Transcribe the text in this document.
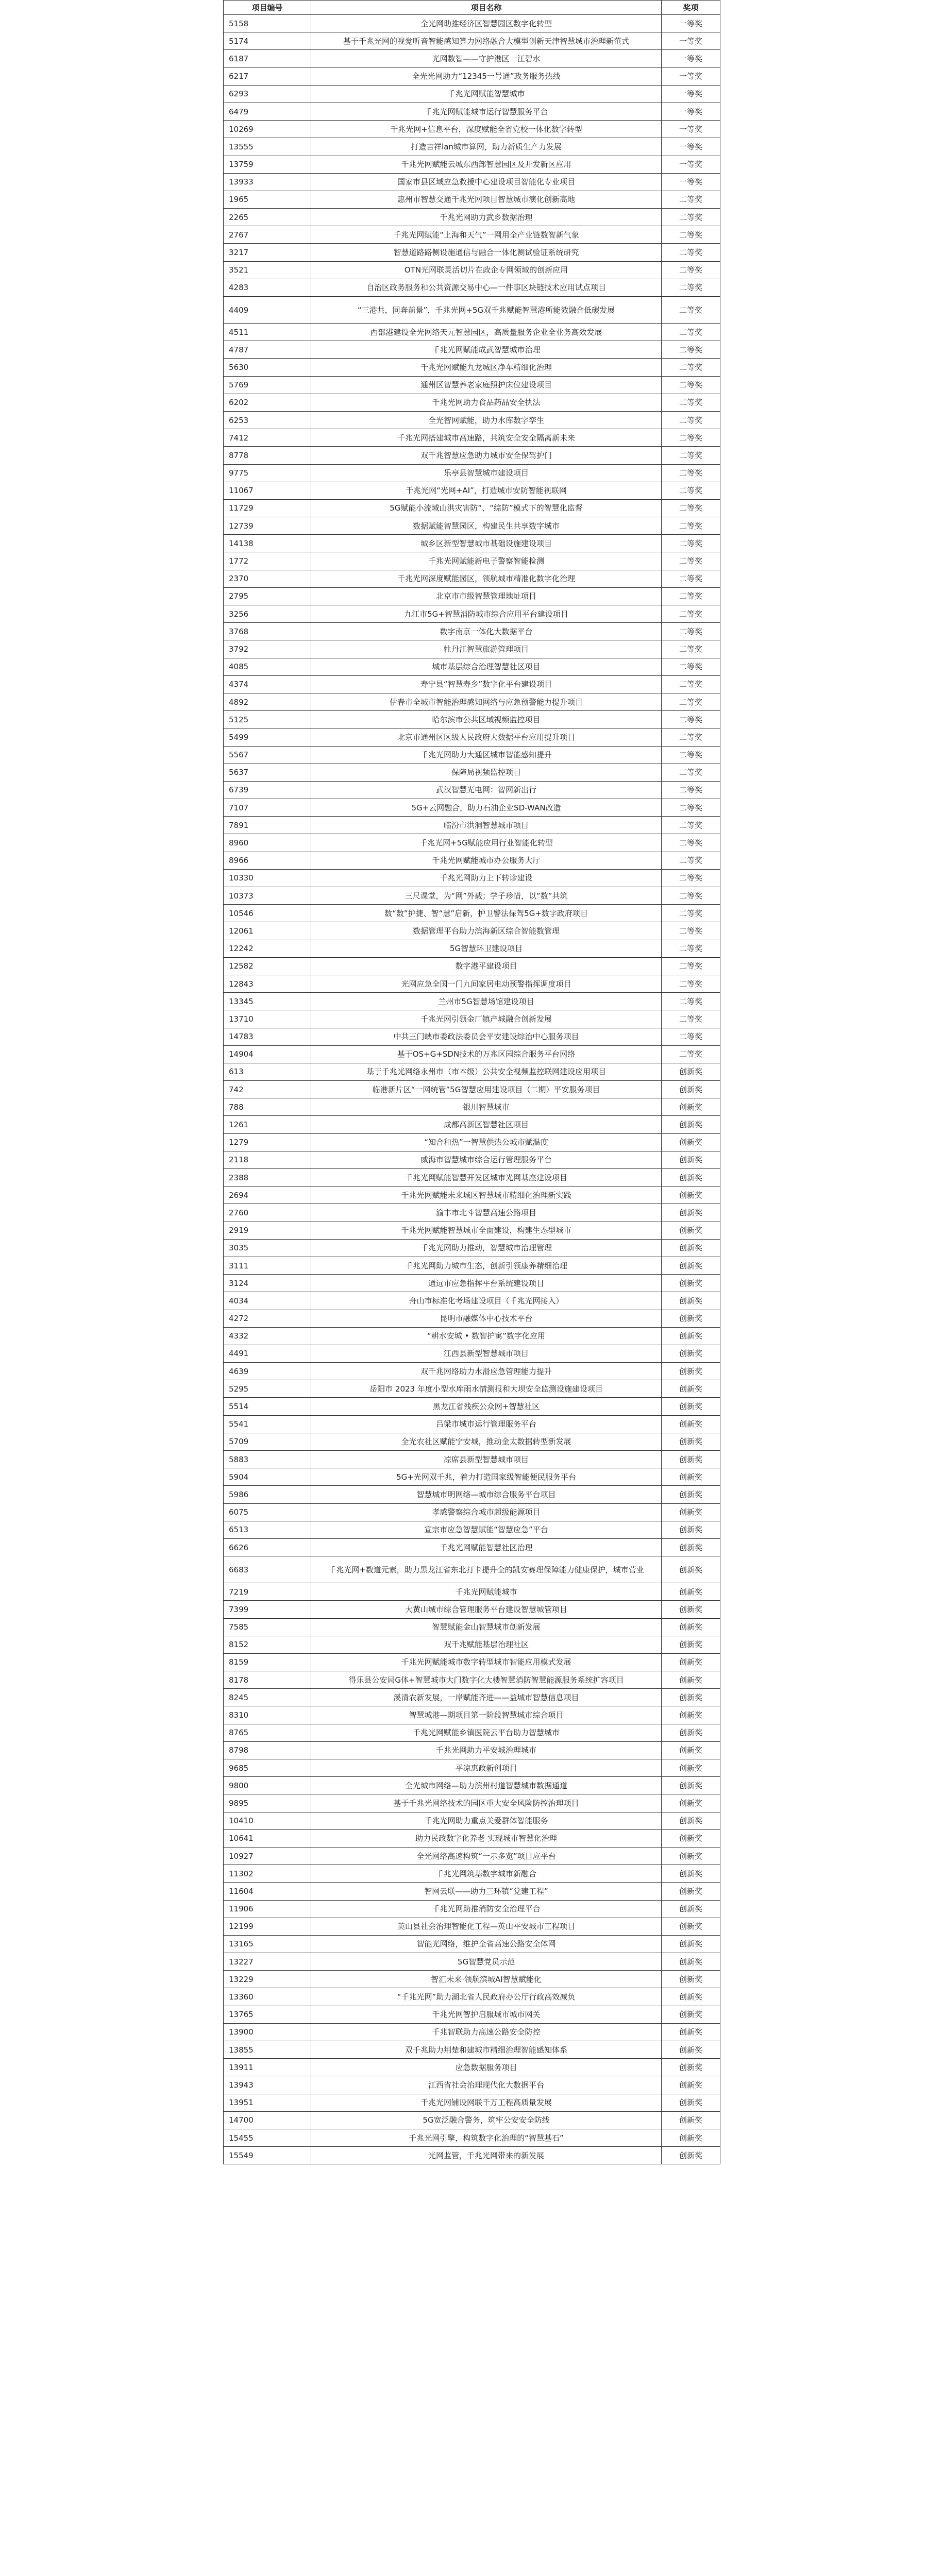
项目编号	项目名称	奖项
5158	全光网助推经济区智慧园区数字化转型	一等奖
5174	基于千兆光网的视觉听音智能感知算力网络融合大模型创新天津智慧城市治理新范式	一等奖
6187	光网数智——守护港区一江碧水	一等奖
6217	全光光网助力“12345一号通”政务服务热线	一等奖
6293	千兆光网赋能智慧城市	一等奖
6479	千兆光网赋能城市运行智慧服务平台	一等奖
10269	千兆光网+信息平台，深度赋能全省党校一体化数字转型	一等奖
13555	打造吉祥lan城市算网，助力新质生产力发展	一等奖
13759	千兆光网赋能云城东西部智慧园区及开发新区应用	一等奖
13933	国家市县区域应急救援中心建设项目智能化专业项目	一等奖
1965	惠州市智慧交通千兆光网项目智慧城市演化创新高地	二等奖
2265	千兆光网助力武乡数据治理	二等奖
2767	千兆光网赋能“上海和天气”一网用全产业链数智新气象	二等奖
3217	智慧道路路侧设施通信与融合一体化测试验证系统研究	二等奖
3521	OTN光网联灵活切片在政企专网领域的创新应用	二等奖
4283	自治区政务服务和公共资源交易中心—一件事区块链技术应用试点项目	二等奖
4409	“三港共，同奔前景”，千兆光网+5G双千兆赋能智慧港所能效融合低碳发展	二等奖
4511	西部港建设全光网络天元智慧园区，高质量服务企业全业务高效发展	二等奖
4787	千兆光网赋能成武智慧城市治理	二等奖
5630	千兆光网赋能九龙城区净车精细化治理	二等奖
5769	通州区智慧养老家庭照护床位建设项目	二等奖
6202	千兆光网助力食品药品安全执法	二等奖
6253	全光智网赋能，助力水库数字孪生	二等奖
7412	千兆光网搭建城市高速路，共筑安全安全隔离新未来	二等奖
8778	双千兆智慧应急助力城市安全保驾护门	二等奖
9775	乐亭县智慧城市建设项目	二等奖
11067	千兆光网“光网+AI”，打造城市安防智能视联网	二等奖
11729	5G赋能小流域山洪灾害防“、“综防”模式下的智慧化监督	二等奖
12739	数据赋能智慧园区，构建民生共享数字城市	二等奖
14138	城乡区新型智慧城市基础设施建设项目	二等奖
1772	千兆光网赋能新电子警察智能检测	二等奖
2370	千兆光网深度赋能园区，领航城市精准化数字化治理	二等奖
2795	北京市市级智慧管理地址项目	二等奖
3256	九江市5G+智慧消防城市综合应用平台建设项目	二等奖
3768	数字南京一体化大数据平台	二等奖
3792	牡丹江智慧旅游管理项目	二等奖
4085	城市基层综合治理智慧社区项目	二等奖
4374	寿宁县“智慧寿乡”数字化平台建设项目	二等奖
4892	伊春市全城市智能治理感知网络与应急预警能力提升项目	二等奖
5125	哈尔滨市公共区域视频监控项目	二等奖
5499	北京市通州区区级人民政府大数据平台应用提升项目	二等奖
5567	千兆光网助力大通区城市智能感知提升	二等奖
5637	保障局视频监控项目	二等奖
6739	武汉智慧光电网：智网新出行	二等奖
7107	5G+云网融合，助力石油企业SD-WAN改造	二等奖
7891	临汾市洪洞智慧城市项目	二等奖
8960	千兆光网+5G赋能应用行业智能化转型	二等奖
8966	千兆光网赋能城市办公服务大厅	二等奖
10330	千兆光网助力上下转诊建设	二等奖
10373	三尺课堂，为“网”外载；学子珍惜，以“数”共筑	二等奖
10546	数“数”护捷、智“慧”启新，护卫警法保驾5G+数字政府项目	二等奖
12061	数据管理平台助力滨海新区综合智能数管理	二等奖
12242	5G智慧环卫建设项目	二等奖
12582	数字港平建设项目	二等奖
12843	光网应急全国一门九间家居电动预警指挥调度项目	二等奖
13345	兰州市5G智慧场馆建设项目	二等奖
13710	千兆光网引领金厂镇产城融合创新发展	二等奖
14783	中共三门峡市委政法委员会平安建设综治中心服务项目	二等奖
14904	基于OS+G+SDN技术的万兆区园综合服务平台网络	二等奖
613	基于千兆光网络永州市（市本级）公共安全视频监控联网建设应用项目	创新奖
742	临港新片区“一网统管”5G智慧应用建设项目（二期）平安服务项目	创新奖
788	银川智慧城市	创新奖
1261	成都高新区智慧社区项目	创新奖
1279	“知合和热”一智慧供热公城市赋温度	创新奖
2118	威海市智慧城市综合运行管理服务平台	创新奖
2388	千兆光网赋能智慧开发区城市光网基座建设项目	创新奖
2694	千兆光网赋能未来城区智慧城市精细化治理新实践	创新奖
2760	渝丰市北斗智慧高速公路项目	创新奖
2919	千兆光网赋能智慧城市全面建设，构建生态型城市	创新奖
3035	千兆光网助力推动，智慧城市治理管理	创新奖
3111	千兆光网助力城市生态，创新引领康养精细治理	创新奖
3124	通远市应急指挥平台系统建设项目	创新奖
4034	舟山市标准化考场建设项目（千兆光网接入）	创新奖
4272	昆明市融媒体中心技术平台	创新奖
4332	“耕水安城 • 数智护寓”数字化应用	创新奖
4491	江西县新型智慧城市项目	创新奖
4639	双千兆网络助力水滑应急管理能力提升	创新奖
5295	岳阳市 2023 年度小型水库雨水情测报和大坝安全监测设施建设项目	创新奖
5514	黑龙江省残疾公众网+智慧社区	创新奖
5541	吕梁市城市运行管理服务平台	创新奖
5709	全光农社区赋能宁安城，推动金太数据转型新发展	创新奖
5883	凉席县新型智慧城市项目	创新奖
5904	5G+光网双千兆，着力打造国家级智能便民服务平台	创新奖
5986	智慧城市明网络—城市综合服务平台项目	创新奖
6075	孝感警察综合城市超级能源项目	创新奖
6513	宣宗市应急智慧赋能“智慧应急”平台	创新奖
6626	千兆光网赋能智慧社区治理	创新奖
6683	千兆光网+数道元素，助力黑龙江省东北打卡提升全的凯安赛理保障能力健康保护，城市营业	创新奖
7219	千兆光网赋能城市	创新奖
7399	大黄山城市综合管理服务平台建设智慧城管项目	创新奖
7585	智慧赋能金山智慧城市创新发展	创新奖
8152	双千兆赋能基层治理社区	创新奖
8159	千兆光网赋能城市数字转型城市智能应用模式发展	创新奖
8178	得乐县公安局G体+智慧城市大门数字化大楼智慧消防智慧能源服务系统扩容项目	创新奖
8245	溪清农新发展，一岸赋能齐进——益城市智慧信息项目	创新奖
8310	智慧城港—期项目第一阶段智慧城市综合项目	创新奖
8765	千兆光网赋能乡镇医院云平台助力智慧城市	创新奖
8798	千兆光网助力平安城治理城市	创新奖
9685	平凉惠政新创项目	创新奖
9800	全光城市网络—助力滨州村道智慧城市数据通道	创新奖
9895	基于千兆光网络技术的园区重大安全风险防控治理项目	创新奖
10410	千兆光网助力重点关爱群体智能服务	创新奖
10641	助力民政数字化养老 实现城市智慧化治理	创新奖
10927	全光网络高速构筑“一示多览”项目应平台	创新奖
11302	千兆光网筑基数字城市新融合	创新奖
11604	智网云联——助力三环镇“党建工程”	创新奖
11906	千兆光网助推消防安全治理平台	创新奖
12199	英山县社会治理智能化工程—英山平安城市工程项目	创新奖
13165	智能光网络，维护全省高速公路安全体网	创新奖
13227	5G智慧党员示范	创新奖
13229	智汇未来·领航滨城AI智慧赋能化	创新奖
13360	“千兆光网”助力湖北省人民政府办公厅行政高效减负	创新奖
13765	千兆光网智护启服城市城市网关	创新奖
13900	千兆智联助力高速公路安全防控	创新奖
13855	双千兆助力荆楚和建城市精细治理智能感知体系	创新奖
13911	应急数据服务项目	创新奖
13943	江西省社会治理现代化大数据平台	创新奖
13951	千兆光网铺设网联千万工程高质量发展	创新奖
14700	5G宽泛融合警务，筑牢公安安全防线	创新奖
15455	千兆光网引擎，构筑数字化治理的“智慧基石”	创新奖
15549	光网监管，千兆光网带来的新发展	创新奖
